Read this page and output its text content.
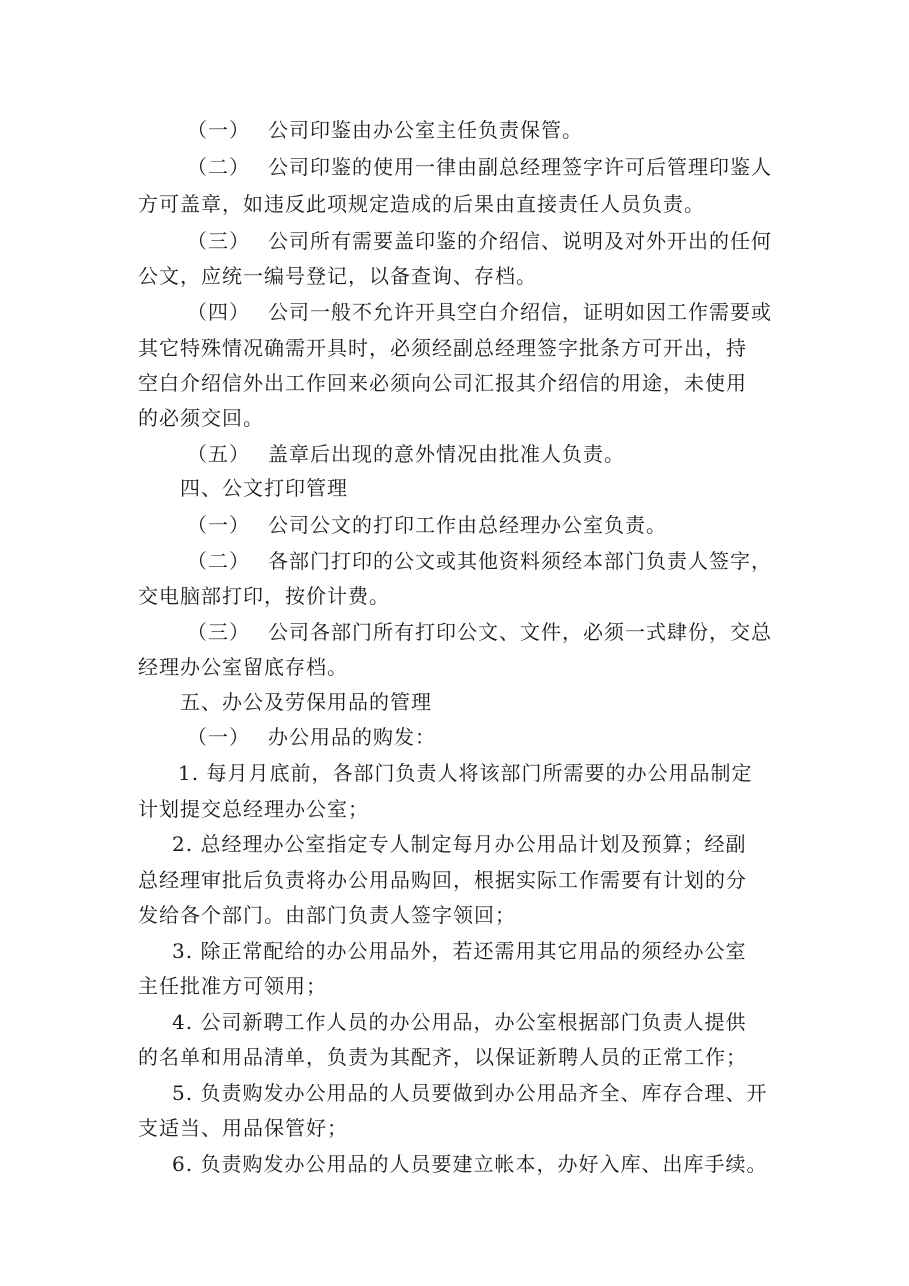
（一） 公司印鉴由办公室主任负责保管。
（二） 公司印鉴的使用一律由副总经理签字许可后管理印鉴人
方可盖章，如违反此项规定造成的后果由直接责任人员负责。
（三） 公司所有需要盖印鉴的介绍信、说明及对外开出的任何
公文，应统一编号登记，以备查询、存档。
（四） 公司一般不允许开具空白介绍信，证明如因工作需要或
其它特殊情况确需开具时，必须经副总经理签字批条方可开出，持
空白介绍信外出工作回来必须向公司汇报其介绍信的用途，未使用
的必须交回。
（五） 盖章后出现的意外情况由批准人负责。
四、公文打印管理
（一） 公司公文的打印工作由总经理办公室负责。
（二） 各部门打印的公文或其他资料须经本部门负责人签字，
交电脑部打印，按价计费。
（三） 公司各部门所有打印公文、文件，必须一式肆份，交总
经理办公室留底存档。
五、办公及劳保用品的管理
（一） 办公用品的购发：
1. 每月月底前，各部门负责人将该部门所需要的办公用品制定
计划提交总经理办公室；
2. 总经理办公室指定专人制定每月办公用品计划及预算；经副
总经理审批后负责将办公用品购回，根据实际工作需要有计划的分
发给各个部门。由部门负责人签字领回；
3. 除正常配给的办公用品外，若还需用其它用品的须经办公室
主任批准方可领用；
4. 公司新聘工作人员的办公用品，办公室根据部门负责人提供
的名单和用品清单，负责为其配齐，以保证新聘人员的正常工作；
5. 负责购发办公用品的人员要做到办公用品齐全、库存合理、开
支适当、用品保管好；
6. 负责购发办公用品的人员要建立帐本，办好入库、出库手续。
